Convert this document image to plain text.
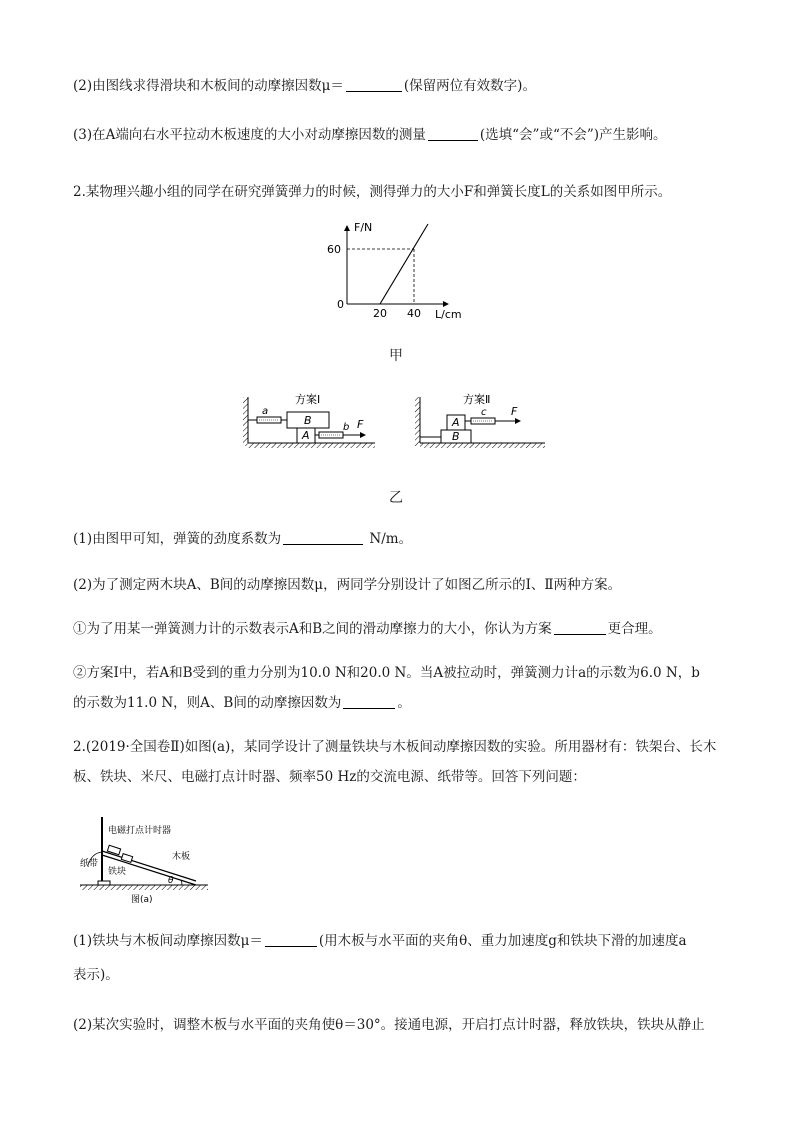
(2)由图线求得滑块和木板间的动摩擦因数μ＝	(保留两位有效数字)。
(3)在A端向右水平拉动木板速度的大小对动摩擦因数的测量	(选填“会”或“不会”)产生影响。
2.某物理兴趣小组的同学在研究弹簧弹力的时候，测得弹力的大小F和弹簧长度L的关系如图甲所示。
F/N
60
0
20 40 L/cm
甲
方案Ⅰ
B
A
a
b F
方案Ⅱ
B
A
c F
乙
(1)由图甲可知，弹簧的劲度系数为	N/m。
(2)为了测定两木块A、B间的动摩擦因数μ，两同学分别设计了如图乙所示的Ⅰ、Ⅱ两种方案。
①为了用某一弹簧测力计的示数表示A和B之间的滑动摩擦力的大小，你认为方案	更合理。
②方案Ⅰ中，若A和B受到的重力分别为10.0 N和20.0 N。当A被拉动时，弹簧测力计a的示数为6.0 N，b
的示数为11.0 N，则A、B间的动摩擦因数为	。
2.(2019·全国卷Ⅱ)如图(a)，某同学设计了测量铁块与木板间动摩擦因数的实验。所用器材有：铁架台、长木
板、铁块、米尺、电磁打点计时器、频率50 Hz的交流电源、纸带等。回答下列问题：
电磁打点计时器
纸带
铁块
木板
θ
图(a)
(1)铁块与木板间动摩擦因数μ＝	(用木板与水平面的夹角θ、重力加速度g和铁块下滑的加速度a
表示)。
(2)某次实验时，调整木板与水平面的夹角使θ＝30°。接通电源，开启打点计时器，释放铁块，铁块从静止
